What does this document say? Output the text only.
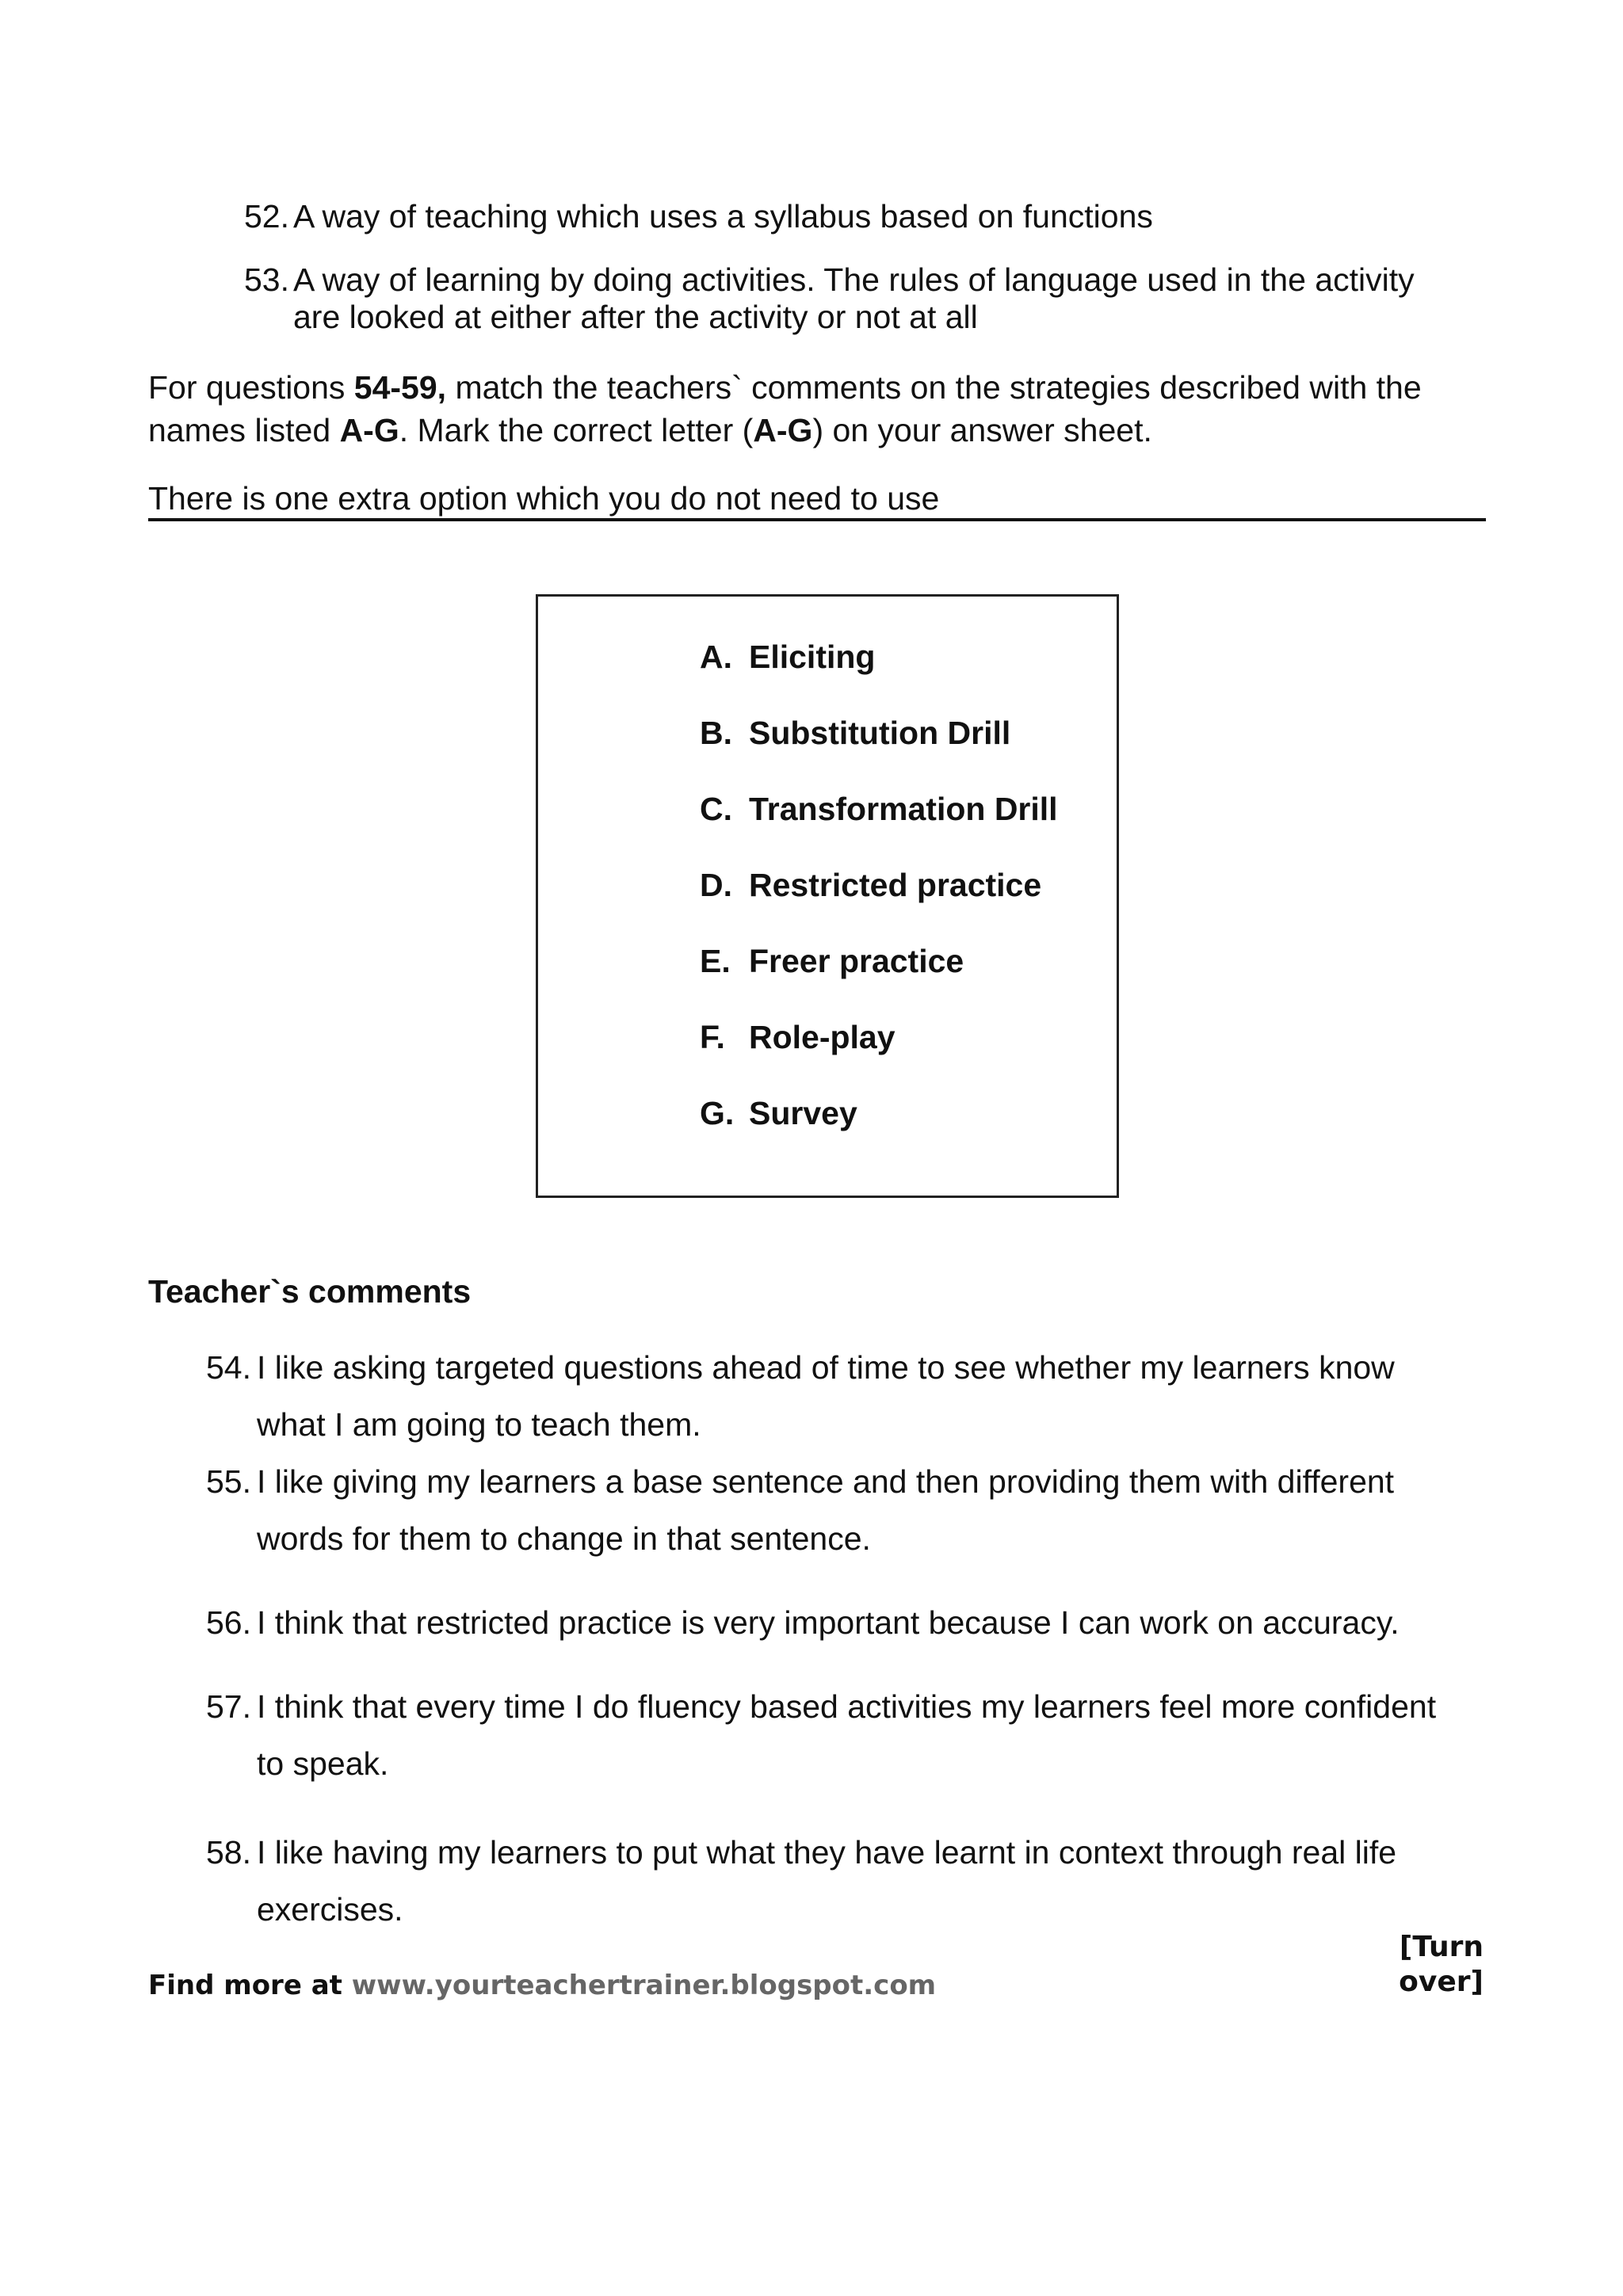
52. A way of teaching which uses a syllabus based on functions
53. A way of learning by doing activities. The rules of language used in the activity
are looked at either after the activity or not at all
For questions 54-59, match the teachers` comments on the strategies described with the
names listed A-G. Mark the correct letter (A-G) on your answer sheet.
There is one extra option which you do not need to use
A. Eliciting
B. Substitution Drill
C. Transformation Drill
D. Restricted practice
E. Freer practice
F. Role-play
G. Survey
Teacher`s comments
54. I like asking targeted questions ahead of time to see whether my learners know
what I am going to teach them.
55. I like giving my learners a base sentence and then providing them with different
words for them to change in that sentence.
56. I think that restricted practice is very important because I can work on accuracy.
57. I think that every time I do fluency based activities my learners feel more confident
to speak.
58. I like having my learners to put what they have learnt in context through real life
exercises.
[Turn over]
Find more at www.yourteachertrainer.blogspot.com
